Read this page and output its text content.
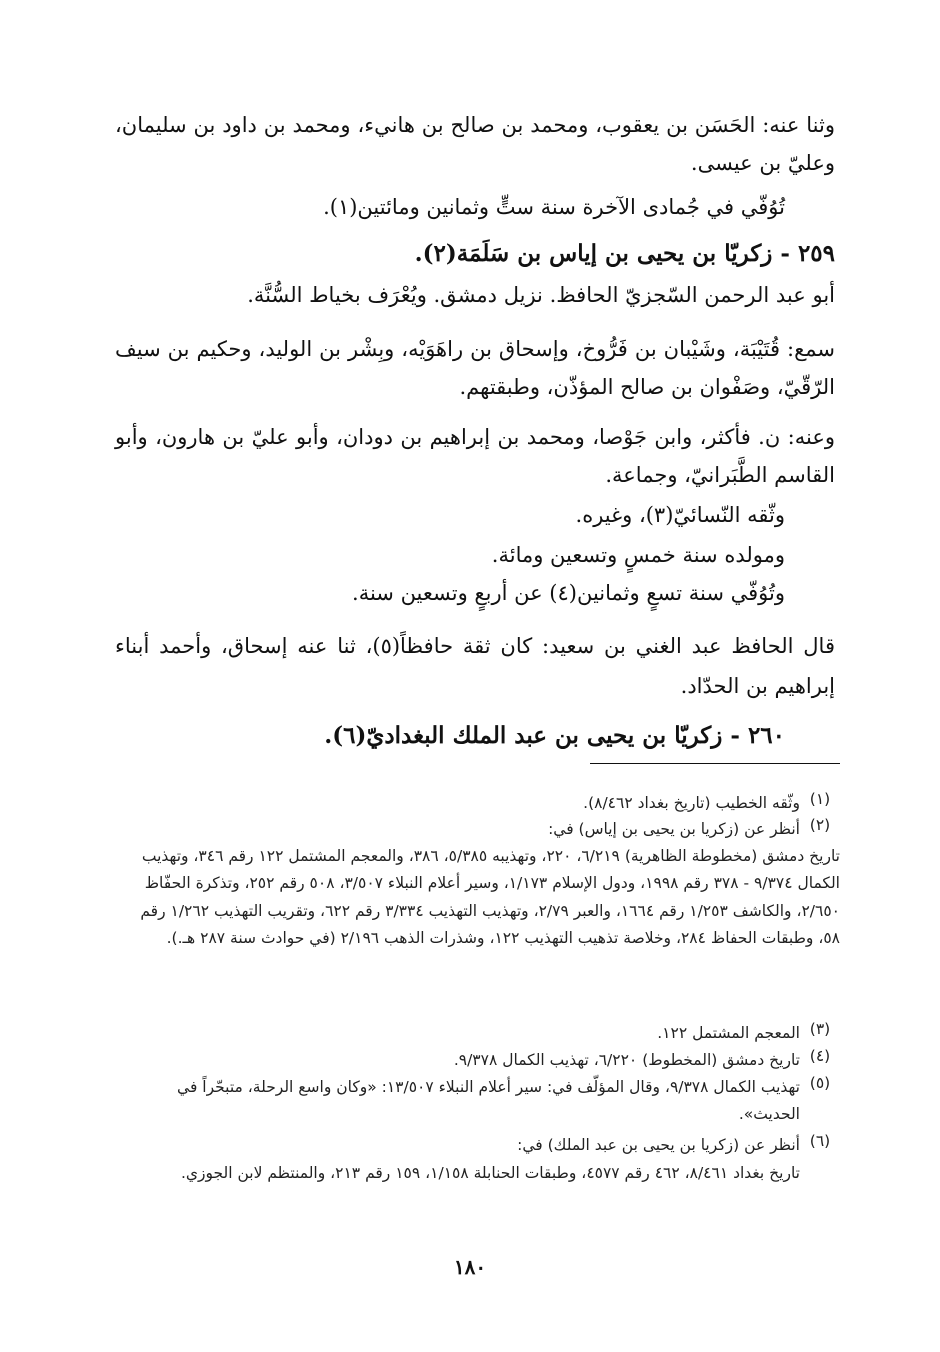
وثنا عنه: الحَسَن بن يعقوب، ومحمد بن صالح بن هانيء، ومحمد بن داود بن سليمان، وعليّ بن عيسى.

تُوُفّي في جُمادى الآخرة سنة ستٍّ وثمانين ومائتين(١).

٢٥٩ - زكريّا بن يحيى بن إياس بن سَلَمَة(٢).

أبو عبد الرحمن السّجزيّ الحافظ. نزيل دمشق. ويُعْرَف بخياط السُّنَّة.

سمع: قُتَيْبَة، وشَيْبان بن فَرُّوخ، وإسحاق بن راهَوَيْه، وبِشْر بن الوليد، وحكيم بن سيف الرّقّيّ، وصَفْوان بن صالح المؤذّن، وطبقتهم.

وعنه: ن. فأكثر، وابن جَوْصا، ومحمد بن إبراهيم بن دودان، وأبو عليّ بن هارون، وأبو القاسم الطَّبَرانيّ، وجماعة.

وثّقه النّسائيّ(٣)، وغيره.

ومولده سنة خمسٍ وتسعين ومائة.

وتُوُفّي سنة تسعٍ وثمانين(٤) عن أربعٍ وتسعين سنة.

قال الحافظ عبد الغني بن سعيد: كان ثقة حافظاً(٥)، ثنا عنه إسحاق، وأحمد أبناء إبراهيم بن الحدّاد.

٢٦٠ - زكريّا بن يحيى بن عبد الملك البغداديّ(٦).

(١)

وثّقه الخطيب (تاريخ بغداد ٨/٤٦٢).

(٢)

أنظر عن (زكريا بن يحيى بن إياس) في:

تاريخ دمشق (مخطوطة الظاهرية) ٦/٢١٩، ٢٢٠، وتهذيبه ٥/٣٨٥، ٣٨٦، والمعجم المشتمل ١٢٢ رقم ٣٤٦، وتهذيب الكمال ٩/٣٧٤ - ٣٧٨ رقم ١٩٩٨، ودول الإسلام ١/١٧٣، وسير أعلام النبلاء ٣/٥٠٧، ٥٠٨ رقم ٢٥٢، وتذكرة الحفّاظ ٢/٦٥٠، والكاشف ١/٢٥٣ رقم ١٦٦٤، والعبر ٢/٧٩، وتهذيب التهذيب ٣/٣٣٤ رقم ٦٢٢، وتقريب التهذيب ١/٢٦٢ رقم ٥٨، وطبقات الحفاظ ٢٨٤، وخلاصة تذهيب التهذيب ١٢٢، وشذرات الذهب ٢/١٩٦ (في حوادث سنة ٢٨٧ هـ.).

(٣)

المعجم المشتمل ١٢٢.

(٤)

تاريخ دمشق (المخطوط) ٦/٢٢٠، تهذيب الكمال ٩/٣٧٨.

(٥)

تهذيب الكمال ٩/٣٧٨، وقال المؤلّف في: سير أعلام النبلاء ١٣/٥٠٧: «وكان واسع الرحلة، متبحّراً في الحديث».

(٦)

أنظر عن (زكريا بن يحيى بن عبد الملك) في:

تاريخ بغداد ٨/٤٦١، ٤٦٢ رقم ٤٥٧٧، وطبقات الحنابلة ١/١٥٨، ١٥٩ رقم ٢١٣، والمنتظم لابن الجوزي.

١٨٠
